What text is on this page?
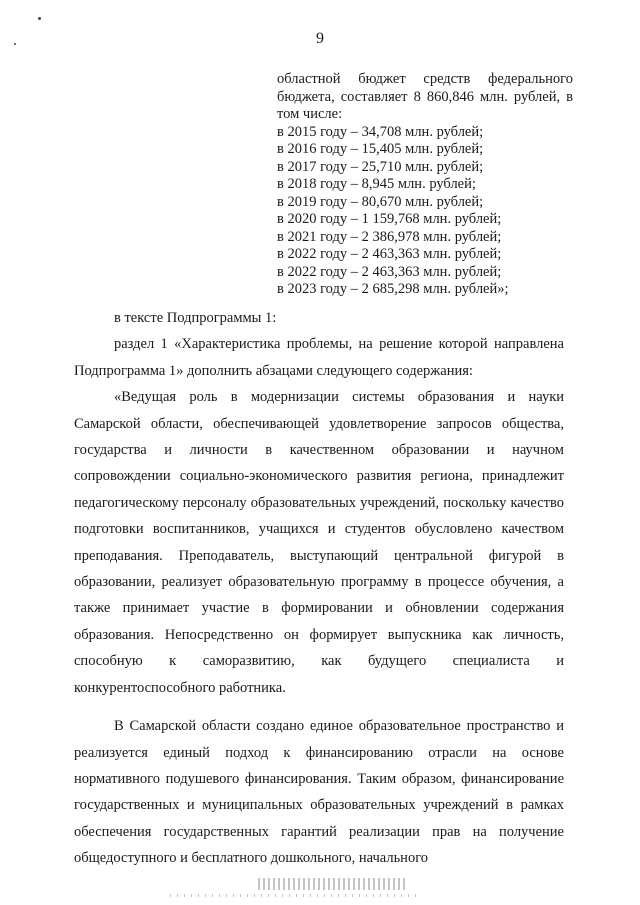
9
областной бюджет средств федерального бюджета, составляет 8 860,846 млн. рублей, в том числе:
в 2015 году – 34,708 млн. рублей;
в 2016 году – 15,405 млн. рублей;
в 2017 году – 25,710 млн. рублей;
в 2018 году – 8,945 млн. рублей;
в 2019 году – 80,670 млн. рублей;
в 2020 году – 1 159,768 млн. рублей;
в 2021 году – 2 386,978 млн. рублей;
в 2022 году – 2 463,363 млн. рублей;
в 2022 году – 2 463,363 млн. рублей;
в 2023 году – 2 685,298 млн. рублей»;

в тексте Подпрограммы 1:

раздел 1 «Характеристика проблемы, на решение которой направлена Подпрограмма 1» дополнить абзацами следующего содержания:

«Ведущая роль в модернизации системы образования и науки Самарской области, обеспечивающей удовлетворение запросов общества, государства и личности в качественном образовании и научном сопровождении социально-экономического развития региона, принадлежит педагогическому персоналу образовательных учреждений, поскольку качество подготовки воспитанников, учащихся и студентов обусловлено качеством преподавания. Преподаватель, выступающий центральной фигурой в образовании, реализует образовательную программу в процессе обучения, а также принимает участие в формировании и обновлении содержания образования. Непосредственно он формирует выпускника как личность, способную к саморазвитию, как будущего специалиста и конкурентоспособного работника.

В Самарской области создано единое образовательное пространство и реализуется единый подход к финансированию отрасли на основе нормативного подушевого финансирования. Таким образом, финансирование государственных и муниципальных образовательных учреждений в рамках обеспечения государственных гарантий реализации прав на получение общедоступного и бесплатного дошкольного, начального
